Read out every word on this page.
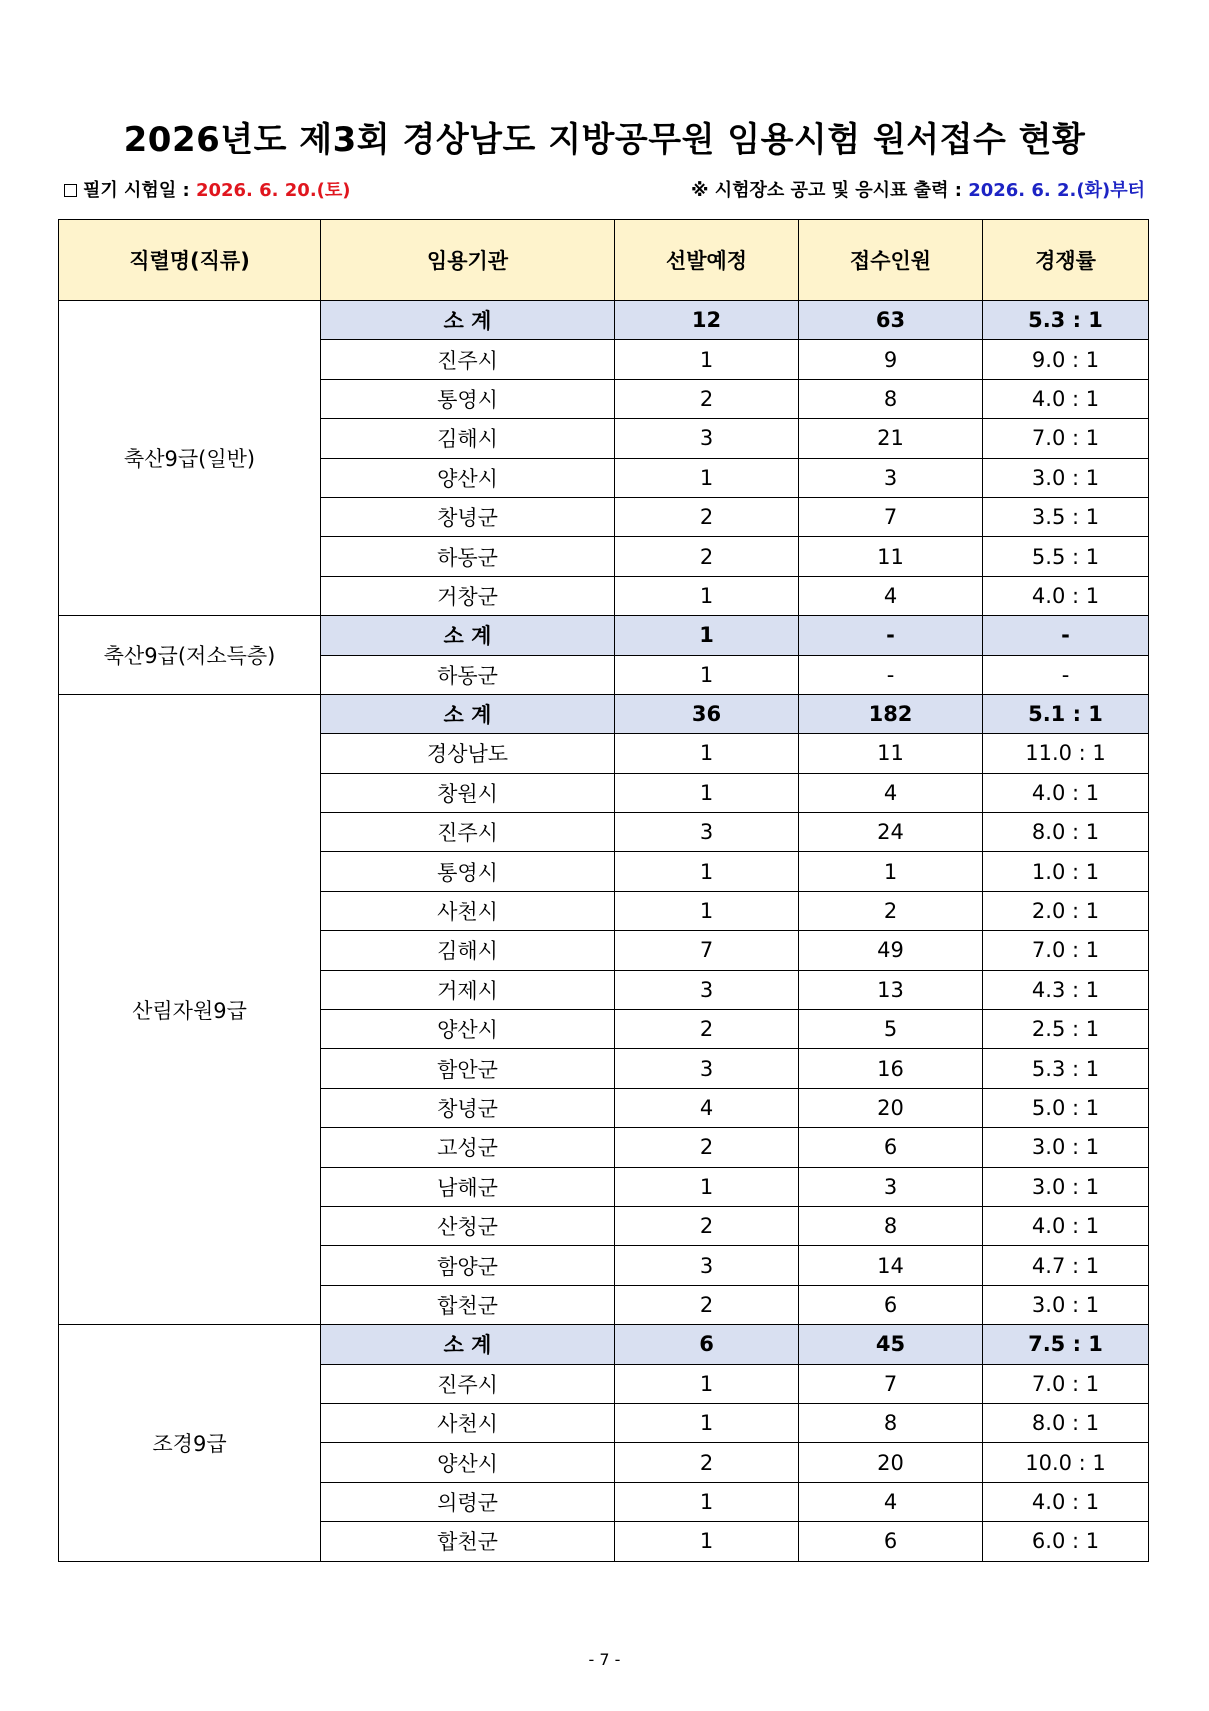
2026년도 제3회 경상남도 지방공무원 임용시험 원서접수 현황
필기 시험일 : 2026. 6. 20.(토)	※ 시험장소 공고 및 응시표 출력 : 2026. 6. 2.(화)부터
직렬명(직류)	임용기관	선발예정	접수인원	경쟁률
축산9급(일반)	소 계	12	63	5.3 : 1
	진주시	1	9	9.0 : 1
	통영시	2	8	4.0 : 1
	김해시	3	21	7.0 : 1
	양산시	1	3	3.0 : 1
	창녕군	2	7	3.5 : 1
	하동군	2	11	5.5 : 1
	거창군	1	4	4.0 : 1
축산9급(저소득층)	소 계	1	-	-
	하동군	1	-	-
산림자원9급	소 계	36	182	5.1 : 1
	경상남도	1	11	11.0 : 1
	창원시	1	4	4.0 : 1
	진주시	3	24	8.0 : 1
	통영시	1	1	1.0 : 1
	사천시	1	2	2.0 : 1
	김해시	7	49	7.0 : 1
	거제시	3	13	4.3 : 1
	양산시	2	5	2.5 : 1
	함안군	3	16	5.3 : 1
	창녕군	4	20	5.0 : 1
	고성군	2	6	3.0 : 1
	남해군	1	3	3.0 : 1
	산청군	2	8	4.0 : 1
	함양군	3	14	4.7 : 1
	합천군	2	6	3.0 : 1
조경9급	소 계	6	45	7.5 : 1
	진주시	1	7	7.0 : 1
	사천시	1	8	8.0 : 1
	양산시	2	20	10.0 : 1
	의령군	1	4	4.0 : 1
	합천군	1	6	6.0 : 1
- 7 -
